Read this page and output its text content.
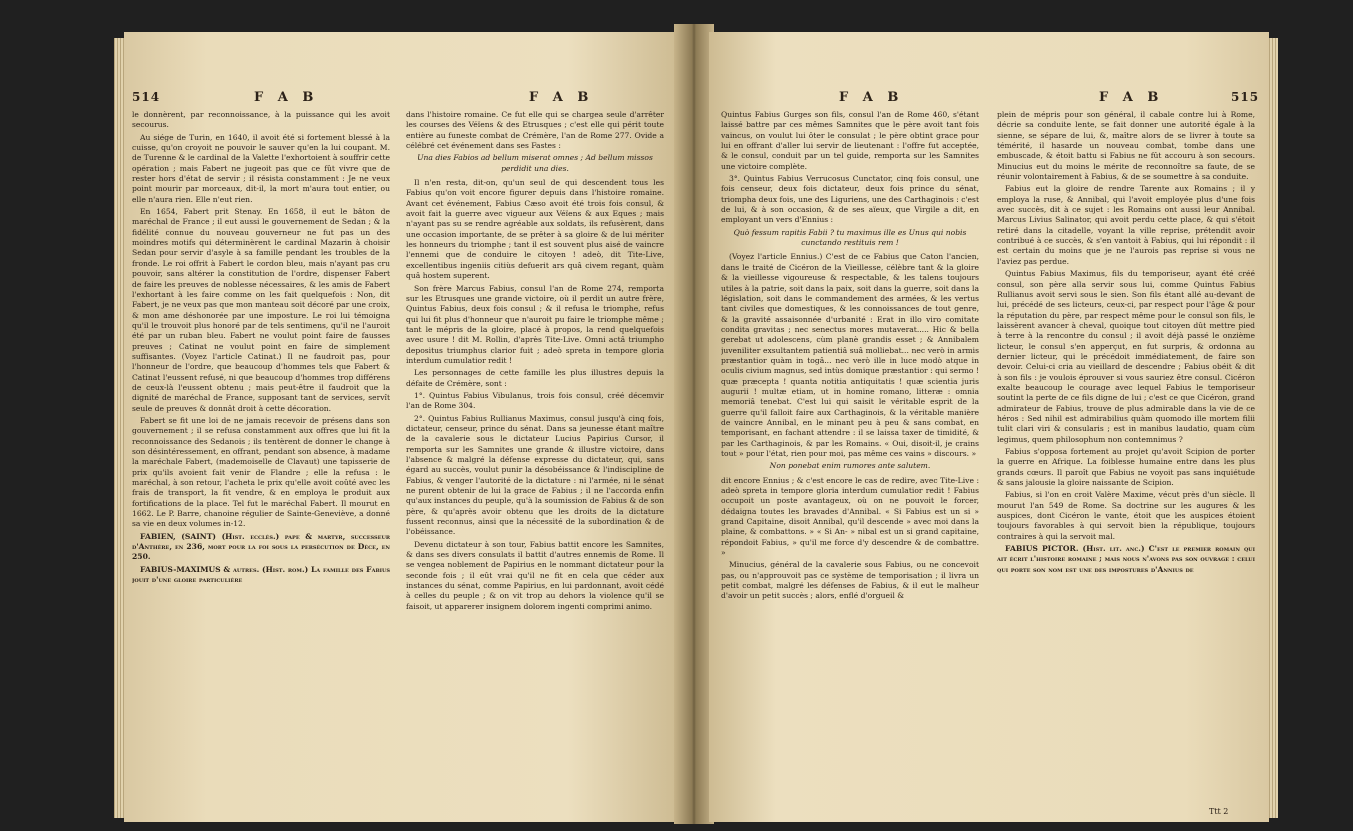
514	F A B	F A B

le donnèrent, par reconnoissance, à la puissance qui les avoit secourus.

Au siége de Turin, en 1640, il avoit été si fortement blessé à la cuisse, qu'on croyoit ne pouvoir le sauver qu'en la lui coupant. M. de Turenne & le cardinal de la Valette l'exhortoient à souffrir cette opération ; mais Fabert ne jugeoit pas que ce fût vivre que de rester hors d'état de servir ; il résista constamment : Je ne veux point mourir par morceaux, dit-il, la mort m'aura tout entier, ou elle n'aura rien. Elle n'eut rien.

En 1654, Fabert prit Stenay. En 1658, il eut le bâton de maréchal de France ; il eut aussi le gouvernement de Sedan ; & la fidélité connue du nouveau gouverneur ne fut pas un des moindres motifs qui déterminèrent le cardinal Mazarin à choisir Sedan pour servir d'asyle à sa famille pendant les troubles de la fronde. Le roi offrit à Fabert le cordon bleu, mais n'ayant pas cru pouvoir, sans altérer la constitution de l'ordre, dispenser Fabert de faire les preuves de noblesse nécessaires, & les amis de Fabert l'exhortant à les faire comme on les fait quelquefois : Non, dit Fabert, je ne veux pas que mon manteau soit décoré par une croix, & mon ame déshonorée par une imposture. Le roi lui témoigna qu'il le trouvoit plus honoré par de tels sentimens, qu'il ne l'auroit été par un ruban bleu. Fabert ne voulut point faire de fausses preuves ; Catinat ne voulut point en faire de simplement suffisantes. (Voyez l'article Catinat.) Il ne faudroit pas, pour l'honneur de l'ordre, que beaucoup d'hommes tels que Fabert & Catinat l'eussent refusé, ni que beaucoup d'hommes trop différens de ceux-là l'eussent obtenu ; mais peut-être il faudroit que la dignité de maréchal de France, supposant tant de services, servît seule de preuves & donnât droit à cette décoration.

Fabert se fit une loi de ne jamais recevoir de présens dans son gouvernement ; il se refusa constamment aux offres que lui fit la reconnoissance des Sedanois ; ils tentèrent de donner le change à son désintéressement, en offrant, pendant son absence, à madame la maréchale Fabert, (mademoiselle de Clavaut) une tapisserie de prix qu'ils avoient fait venir de Flandre ; elle la refusa : le maréchal, à son retour, l'acheta le prix qu'elle avoit coûté avec les frais de transport, la fit vendre, & en employa le produit aux fortifications de la place. Tel fut le maréchal Fabert. Il mourut en 1662. Le P. Barre, chanoine régulier de Sainte-Geneviève, a donné sa vie en deux volumes in-12.

FABIEN, (SAINT) (Hist. ecclés.) pape & martyr, successeur d'Anthère, en 236, mort pour la foi sous la persécution de Dèce, en 250.

FABIUS-MAXIMUS & autres. (Hist. rom.) La famille des Fabius jouit d'une gloire particulière

dans l'histoire romaine. Ce fut elle qui se chargea seule d'arrêter les courses des Véïens & des Etrusques ; c'est elle qui périt toute entière au funeste combat de Crémère, l'an de Rome 277. Ovide a célébré cet événement dans ses Fastes :

Una dies Fabios ad bellum miserat omnes ; Ad bellum missos perdidit una dies.

Il n'en resta, dit-on, qu'un seul de qui descendent tous les Fabius qu'on voit encore figurer depuis dans l'histoire romaine. Avant cet événement, Fabius Cæso avoit été trois fois consul, & avoit fait la guerre avec vigueur aux Véïens & aux Eques ; mais n'ayant pas su se rendre agréable aux soldats, ils refusèrent, dans une occasion importante, de se prêter à sa gloire & de lui mériter les honneurs du triomphe ; tant il est souvent plus aisé de vaincre l'ennemi que de conduire le citoyen ! adeò, dit Tite-Live, excellentibus ingeniis citiùs defuerit ars quâ civem regant, quàm quâ hostem superent.

Son frère Marcus Fabius, consul l'an de Rome 274, remporta sur les Etrusques une grande victoire, où il perdit un autre frère, Quintus Fabius, deux fois consul ; & il refusa le triomphe, refus qui lui fit plus d'honneur que n'auroit pu faire le triomphe même ; tant le mépris de la gloire, placé à propos, la rend quelquefois avec usure ! dit M. Rollin, d'après Tite-Live. Omni actâ triumpho depositus triumphus clarior fuit ; adeò spreta in tempore gloria interdum cumulatior redit !

Les personnages de cette famille les plus illustres depuis la défaite de Crémère, sont :

1°. Quintus Fabius Vibulanus, trois fois consul, créé décemvir l'an de Rome 304.

2°. Quintus Fabius Rullianus Maximus, consul jusqu'à cinq fois, dictateur, censeur, prince du sénat. Dans sa jeunesse étant maître de la cavalerie sous le dictateur Lucius Papirius Cursor, il remporta sur les Samnites une grande & illustre victoire, dans l'absence & malgré la défense expresse du dictateur, qui, sans égard au succès, voulut punir la désobéissance & l'indiscipline de Fabius, & venger l'autorité de la dictature : ni l'armée, ni le sénat ne purent obtenir de lui la grace de Fabius ; il ne l'accorda enfin qu'aux instances du peuple, qu'à la soumission de Fabius & de son père, & qu'après avoir obtenu que les droits de la dictature fussent reconnus, ainsi que la nécessité de la subordination & de l'obéissance.

Devenu dictateur à son tour, Fabius battit encore les Samnites, & dans ses divers consulats il battit d'autres ennemis de Rome. Il se vengea noblement de Papirius en le nommant dictateur pour la seconde fois ; il eût vrai qu'il ne fit en cela que céder aux instances du sénat, comme Papirius, en lui pardonnant, avoit cédé à celles du peuple ; & on vit trop au dehors la violence qu'il se faisoit, ut apparerer insignem dolorem ingenti comprimi animo.

F A B	F A B	515

Quintus Fabius Gurges son fils, consul l'an de Rome 460, s'étant laissé battre par ces mêmes Samnites que le père avoit tant fois vaincus, on voulut lui ôter le consulat ; le père obtint grace pour lui en offrant d'aller lui servir de lieutenant : l'offre fut acceptée, & le consul, conduit par un tel guide, remporta sur les Samnites une victoire complète.

3°. Quintus Fabius Verrucosus Cunctator, cinq fois consul, une fois censeur, deux fois dictateur, deux fois prince du sénat, triompha deux fois, une des Liguriens, une des Carthaginois : c'est de lui, & à son occasion, & de ses aïeux, que Virgile a dit, en employant un vers d'Ennius :

Quò fessum rapitis Fabii ? tu maximus ille es Unus qui nobis cunctando restituis rem !

(Voyez l'article Ennius.) C'est de ce Fabius que Caton l'ancien, dans le traité de Cicéron de la Vieillesse, célèbre tant & la gloire & la vieillesse vigoureuse & respectable, & les talens toujours utiles à la patrie, soit dans la paix, soit dans la guerre, soit dans la législation, soit dans le commandement des armées, & les vertus tant civiles que domestiques, & les connoissances de tout genre, & la gravité assaisonnée d'urbanité : Erat in illo viro comitate condita gravitas ; nec senectus mores mutaverat..... Hic & bella gerebat ut adolescens, cùm planè grandis esset ; & Annibalem juveniliter exsultantem patientiâ suâ molliebat... nec verò in armis præstantior quàm in togâ... nec verò ille in luce modò atque in oculis civium magnus, sed intùs domique præstantior : qui sermo ! quæ præcepta ! quanta notitia antiquitatis ! quæ scientia juris augurii ! multæ etiam, ut in homine romano, litteræ : omnia memoriâ tenebat. C'est lui qui saisit le véritable esprit de la guerre qu'il falloit faire aux Carthaginois, & la véritable manière de vaincre Annibal, en le minant peu à peu & sans combat, en temporisant, en fachant attendre : il se laissa taxer de timidité, & par les Carthaginois, & par les Romains. « Oui, disoit-il, je crains tout » pour l'état, rien pour moi, pas même ces vains » discours. »

Non ponebat enim rumores ante salutem.

dit encore Ennius ; & c'est encore le cas de redire, avec Tite-Live : adeò spreta in tempore gloria interdum cumulatior redit ! Fabius occupoit un poste avantageux, où on ne pouvoit le forcer, dédaigna toutes les bravades d'Annibal. « Si Fabius est un si » grand Capitaine, disoit Annibal, qu'il descende » avec moi dans la plaine, & combattons. » « Si An- » nibal est un si grand capitaine, répondoit Fabius, » qu'il me force d'y descendre & de combattre. »

Minucius, général de la cavalerie sous Fabius, ou ne concevoit pas, ou n'approuvoit pas ce système de temporisation ; il livra un petit combat, malgré les défenses de Fabius, & il eut le malheur d'avoir un petit succès ; alors, enflé d'orgueil &

plein de mépris pour son général, il cabale contre lui à Rome, décrie sa conduite lente, se fait donner une autorité égale à la sienne, se sépare de lui, &, maître alors de se livrer à toute sa témérité, il hasarde un nouveau combat, tombe dans une embuscade, & étoit battu si Fabius ne fût accouru à son secours. Minucius eut du moins le mérite de reconnoître sa faute, de se réunir volontairement à Fabius, & de se soumettre à sa conduite.

Fabius eut la gloire de rendre Tarente aux Romains ; il y employa la ruse, & Annibal, qui l'avoit employée plus d'une fois avec succès, dit à ce sujet : les Romains ont aussi leur Annibal. Marcus Livius Salinator, qui avoit perdu cette place, & qui s'étoit retiré dans la citadelle, voyant la ville reprise, prétendit avoir contribué à ce succès, & s'en vantoit à Fabius, qui lui répondit : il est certain du moins que je ne l'aurois pas reprise si vous ne l'aviez pas perdue.

Quintus Fabius Maximus, fils du temporiseur, ayant été créé consul, son père alla servir sous lui, comme Quintus Fabius Rullianus avoit servi sous le sien. Son fils étant allé au-devant de lui, précédé de ses licteurs, ceux-ci, par respect pour l'âge & pour la réputation du père, par respect même pour le consul son fils, le laissèrent avancer à cheval, quoique tout citoyen dût mettre pied à terre à la rencontre du consul ; il avoit déjà passé le onzième licteur, le consul s'en apperçut, en fut surpris, & ordonna au dernier licteur, qui le précédoit immédiatement, de faire son devoir. Celui-ci cria au vieillard de descendre ; Fabius obéit & dit à son fils : je voulois éprouver si vous sauriez être consul. Cicéron exalte beaucoup le courage avec lequel Fabius le temporiseur soutint la perte de ce fils digne de lui ; c'est ce que Cicéron, grand admirateur de Fabius, trouve de plus admirable dans la vie de ce héros : Sed nihil est admirabilius quàm quomodo ille mortem filii tulit clari viri & consularis ; est in manibus laudatio, quam cùm legimus, quem philosophum non contemnimus ?

Fabius s'opposa fortement au projet qu'avoit Scipion de porter la guerre en Afrique. La foiblesse humaine entre dans les plus grands cœurs. Il paroît que Fabius ne voyoit pas sans inquiétude & sans jalousie la gloire naissante de Scipion.

Fabius, si l'on en croit Valère Maxime, vécut près d'un siècle. Il mourut l'an 549 de Rome. Sa doctrine sur les augures & les auspices, dont Cicéron le vante, étoit que les auspices étoient toujours favorables à qui servoit bien la république, toujours contraires à qui la servoit mal.

FABIUS PICTOR. (Hist. lit. anc.) C'est le premier romain qui ait écrit l'histoire romaine ; mais nous n'avons pas son ouvrage : celui qui porte son nom est une des impostures d'Annius de

Ttt 2
